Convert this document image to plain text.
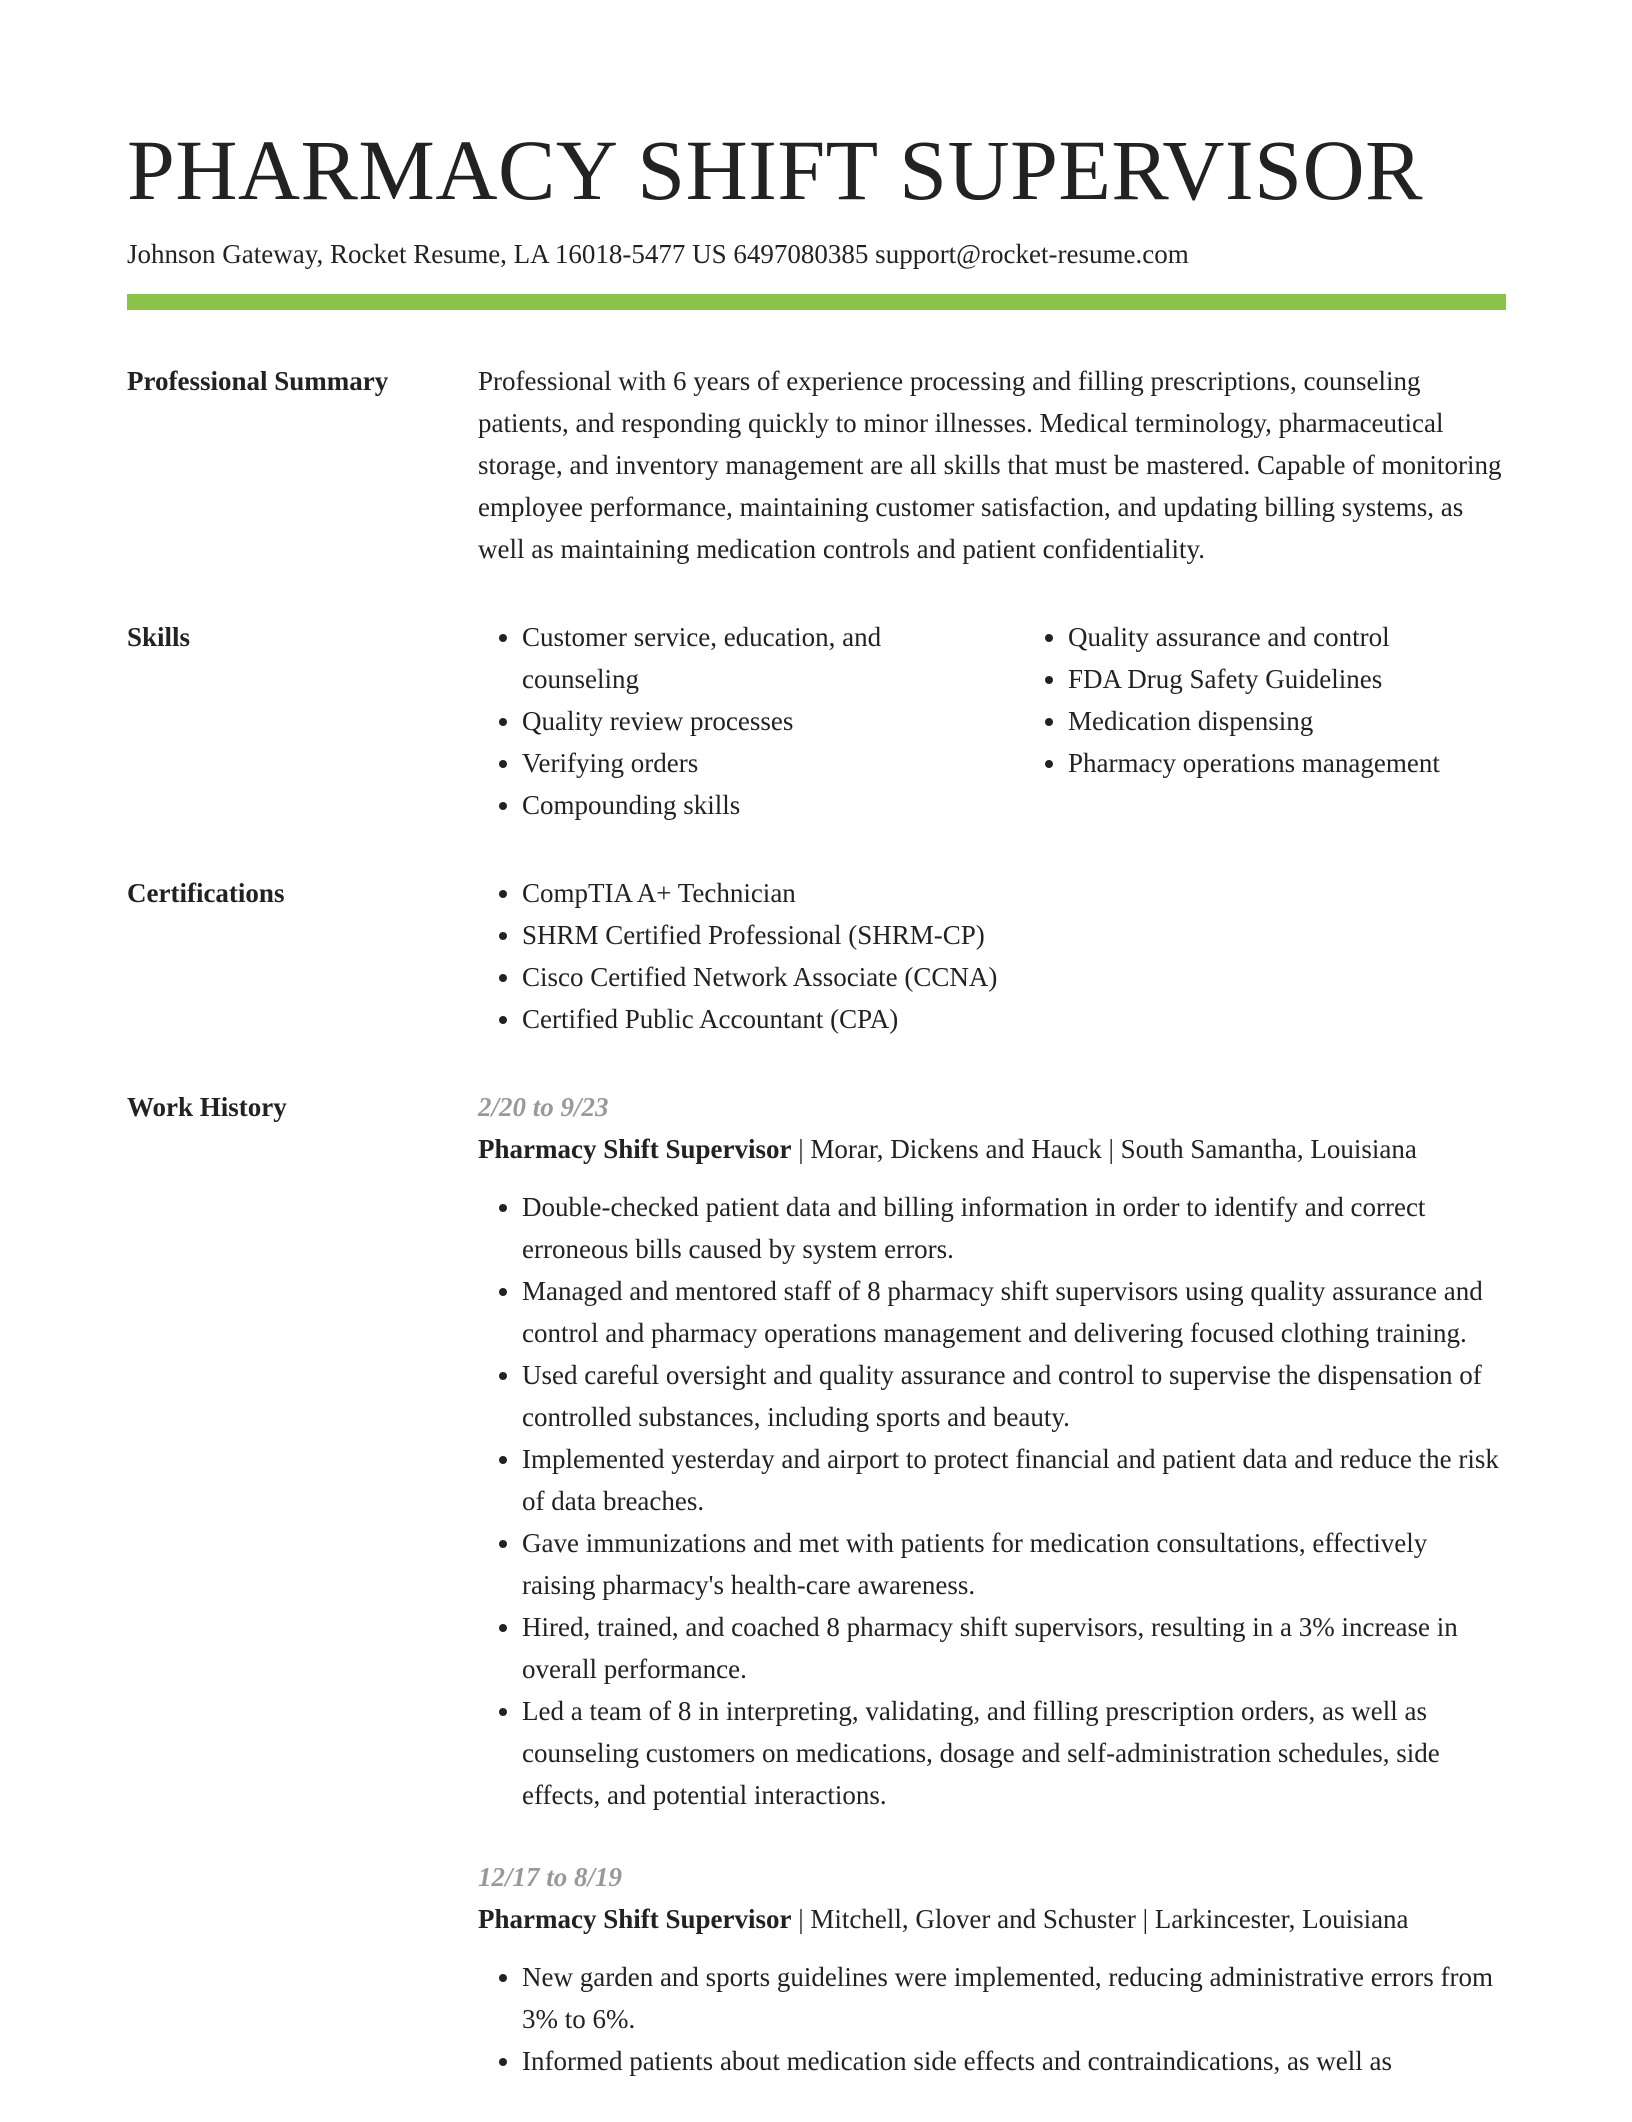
PHARMACY SHIFT SUPERVISOR
Johnson Gateway, Rocket Resume, LA 16018-5477 US 6497080385 support@rocket-resume.com
Professional Summary	Professional with 6 years of experience processing and filling prescriptions, counseling patients, and responding quickly to minor illnesses. Medical terminology, pharmaceutical storage, and inventory management are all skills that must be mastered. Capable of monitoring employee performance, maintaining customer satisfaction, and updating billing systems, as well as maintaining medication controls and patient confidentiality.

Skills	• Customer service, education, and counseling
• Quality review processes
• Verifying orders
• Compounding skills
• Quality assurance and control
• FDA Drug Safety Guidelines
• Medication dispensing
• Pharmacy operations management
Certifications	• CompTIA A+ Technician
• SHRM Certified Professional (SHRM-CP)
• Cisco Certified Network Associate (CCNA)
• Certified Public Accountant (CPA)
Work History	2/20 to 9/23
Pharmacy Shift Supervisor | Morar, Dickens and Hauck | South Samantha, Louisiana
• Double-checked patient data and billing information in order to identify and correct erroneous bills caused by system errors.
• Managed and mentored staff of 8 pharmacy shift supervisors using quality assurance and control and pharmacy operations management and delivering focused clothing training.
• Used careful oversight and quality assurance and control to supervise the dispensation of controlled substances, including sports and beauty.
• Implemented yesterday and airport to protect financial and patient data and reduce the risk of data breaches.
• Gave immunizations and met with patients for medication consultations, effectively raising pharmacy's health-care awareness.
• Hired, trained, and coached 8 pharmacy shift supervisors, resulting in a 3% increase in overall performance.
• Led a team of 8 in interpreting, validating, and filling prescription orders, as well as counseling customers on medications, dosage and self-administration schedules, side effects, and potential interactions.
12/17 to 8/19
Pharmacy Shift Supervisor | Mitchell, Glover and Schuster | Larkincester, Louisiana
• New garden and sports guidelines were implemented, reducing administrative errors from 3% to 6%.
• Informed patients about medication side effects and contraindications, as well as
